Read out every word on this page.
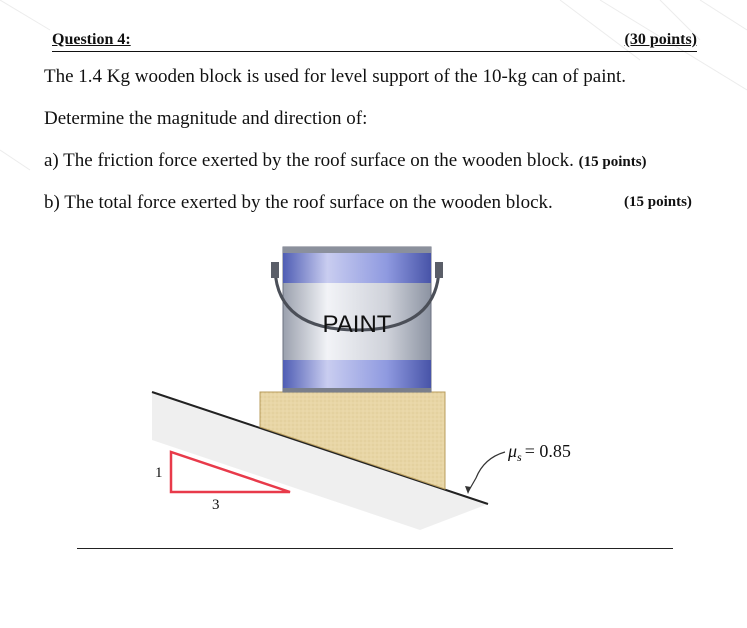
Question 4:	(30 points)
The 1.4 Kg wooden block is used for level support of the 10-kg can of paint.
Determine the magnitude and direction of:
a) The friction force exerted by the roof surface on the wooden block. (15 points)
b) The total force exerted by the roof surface on the wooden block.	(15 points)
PAINT
$\mu_s = 0.85$
1
3
